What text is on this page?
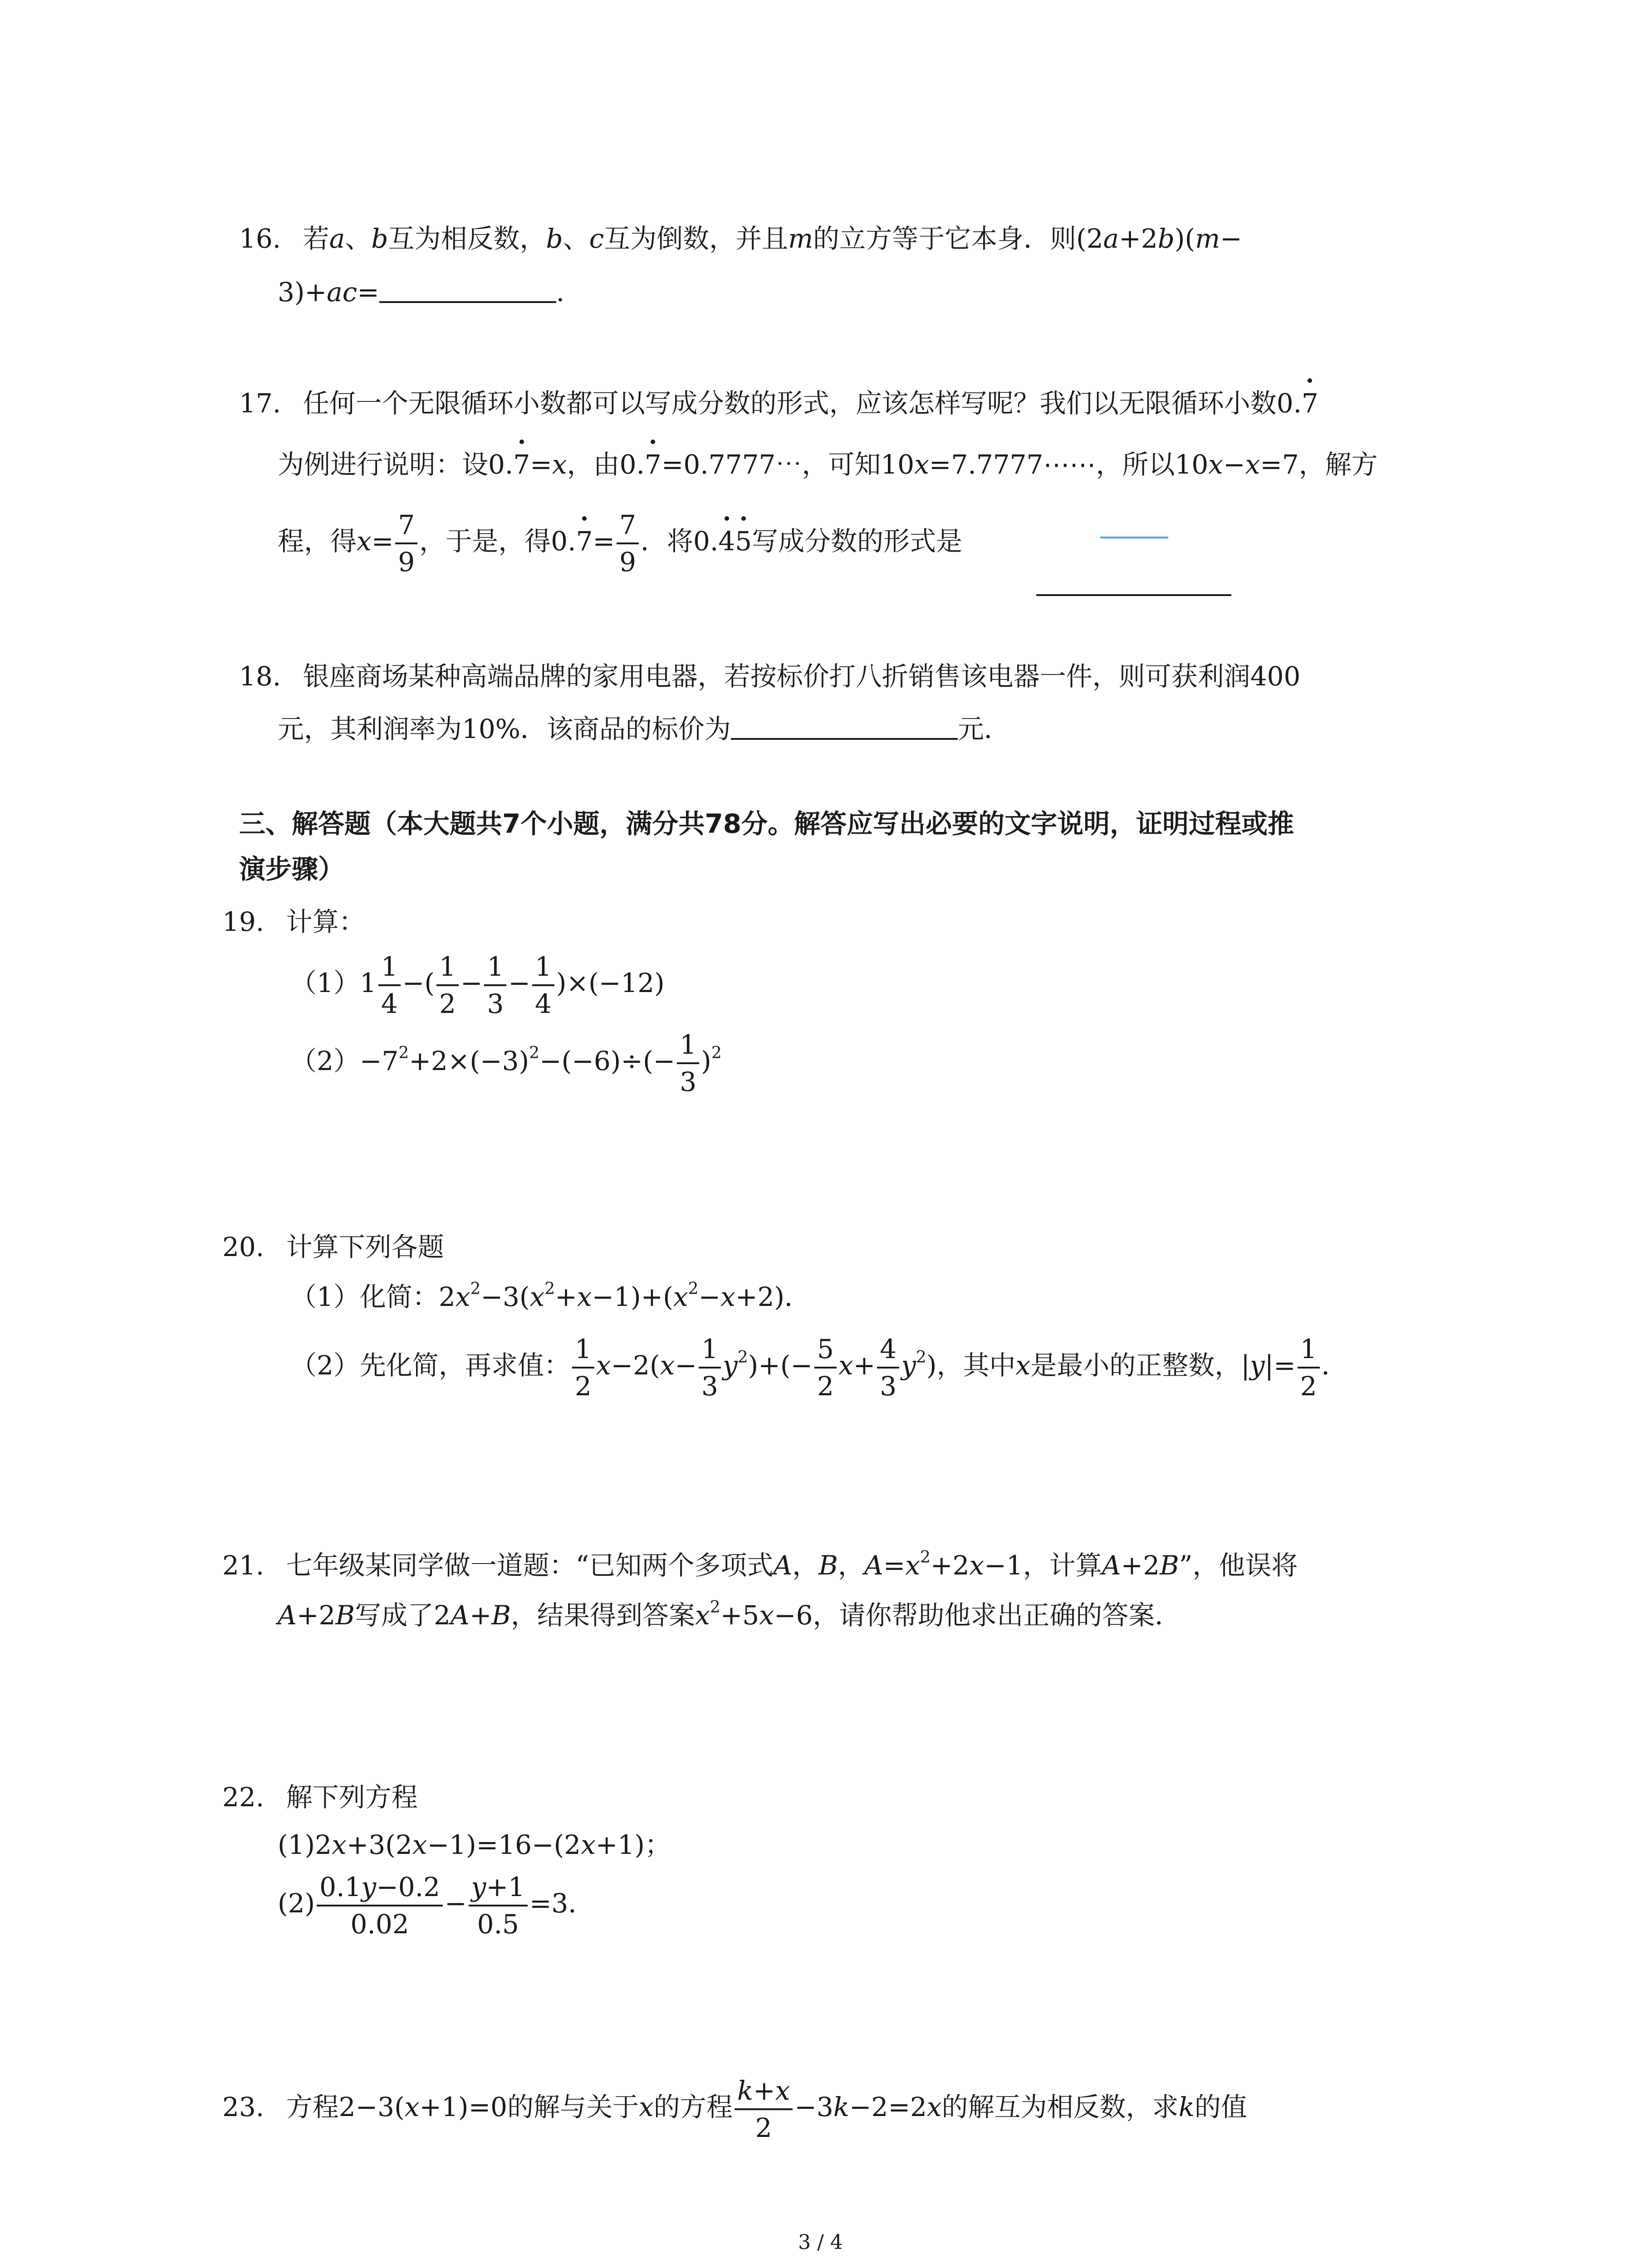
16. 若a、b互为相反数，b、c互为倒数，并且m的立方等于它本身．则(2a+2b)(m−
3)+ac=	．
17. 任何一个无限循环小数都可以写成分数的形式，应该怎样写呢？我们以无限循环小数0.7
为例进行说明：设0.7=x，由0.7=0.7777⋯，可知10x=7.7777⋯⋯，所以10x−x=7，解方
程，得$x= \frac{7}{9}$ ，于是，得$0.7= \frac{7}{9}$ ．将0.45写成分数的形式是
18. 银座商场某种高端品牌的家用电器，若按标价打八折销售该电器一件，则可获利润400
元，其利润率为10%．该商品的标价为	元．
三、解答题（本大题共7个小题，满分共78分。解答应写出必要的文字说明，证明过程或推
演步骤）
19. 计算：
$(1)1 \frac{1}{4}$ −( $\frac{1}{2} - \frac{1}{3} - \frac{1}{4} )\times(-12)$
$(2)-7^2+2\times(-3)^2-(-6)\div(- \frac{1}{3} )^2$
20. 计算下列各题
（1）化简：$2x^2-3(x^2+x-1)+(x^2-x+2)$．
（2）先化简，再求值： $\frac{1}{2} x-2(x- \frac{1}{3} y^2)+(- \frac{5}{2} x+ \frac{4}{3} y^2)$，其中x是最小的正整数，$|y|= \frac{1}{2}$ ．
21. 七年级某同学做一道题：“已知两个多项式A，B，$A=x^2+2x-1$，计算A+2B”，他误将
A+2B写成了2A+B，结果得到答案$x^2+5x-6$，请你帮助他求出正确的答案．
22. 解下列方程
(1)2x+3(2x−1)=16−(2x+1)；
$(2) \frac{0.1y-0.2}{0.02} - \frac{y+1}{0.5} =3$．
23. 方程2−3(x+1)=0的解与关于x的方程 $\frac{k+x}{2} -3k-2=2x$的解互为相反数，求k的值
3 / 4
